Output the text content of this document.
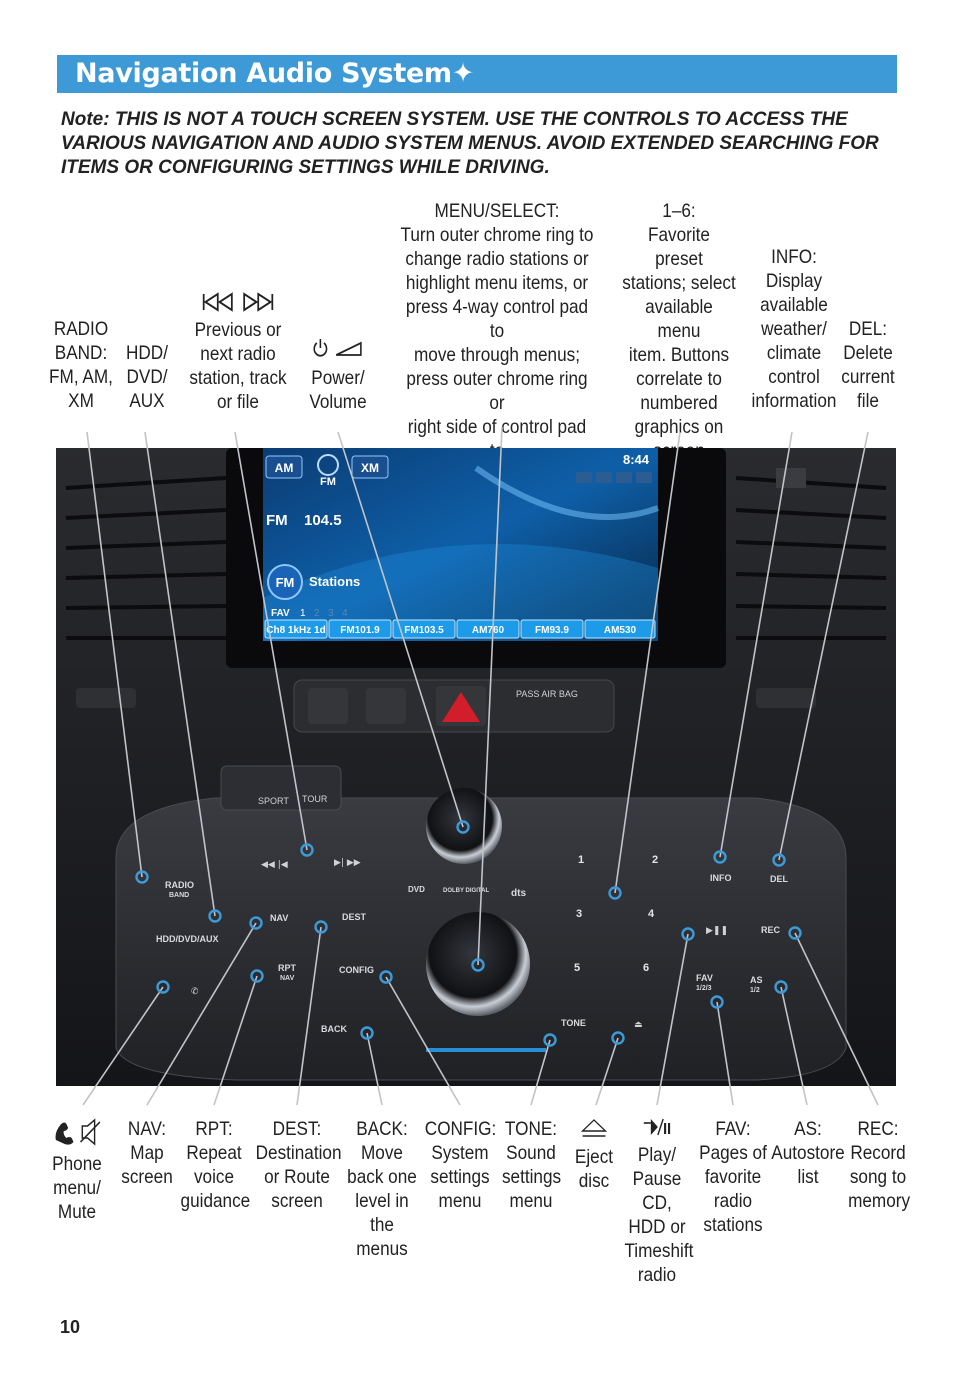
Navigation Audio System✦
Note: THIS IS NOT A TOUCH SCREEN SYSTEM. USE THE CONTROLS TO ACCESS THE VARIOUS NAVIGATION AND AUDIO SYSTEM MENUS. AVOID EXTENDED SEARCHING FOR ITEMS OR CONFIGURING SETTINGS WHILE DRIVING.
RADIO
BAND:
FM, AM,
XM
HDD/
DVD/
AUX
Previous or
next radio
station, track
or file
Power/
Volume
MENU/SELECT:
Turn outer chrome ring to
change radio stations or
highlight menu items, or
press 4-way control pad to
move through menus;
press outer chrome ring or
right side of control pad
1–6:
Favorite preset
stations; select
available menu
item. Buttons
correlate to
numbered
graphics on
INFO:
Display
available
weather/
climate
control
information
DEL:
Delete
current
file
AM
FM
XM
8:44
FM 104.5
FM Stations
FAV 1 2 3 4
Ch8 1kHz 1d FM101.9 FM103.5	AM760	FM93.9	AM530
PASS AIR BAG
SPORT TOUR
RADIO
BAND
HDD/DVD/AUX
NAV	DEST
RPT
NAV
CONFIG
BACK
TONE
INFO	DEL
REC
FAV
1/2/3
AS
1/2
DVD	DOLBY DIGITAL dts
1	2
3	4
5	6
◀◀ |◀	▶| ▶▶
▶❚❚
⏏
✆
Phone
menu/
Mute
NAV:
Map
screen
RPT:
Repeat
voice
guidance
DEST:
Destination
or Route
screen
BACK:
Move
back one
level in
the
menus
CONFIG:
System
settings
menu
TONE:
Sound
settings
menu
Eject
disc
Play/
Pause
CD,
HDD or
Timeshift
radio
FAV:
Pages of
favorite
radio
stations
AS:
Autostore
list
REC:
Record
song to
memory
10
